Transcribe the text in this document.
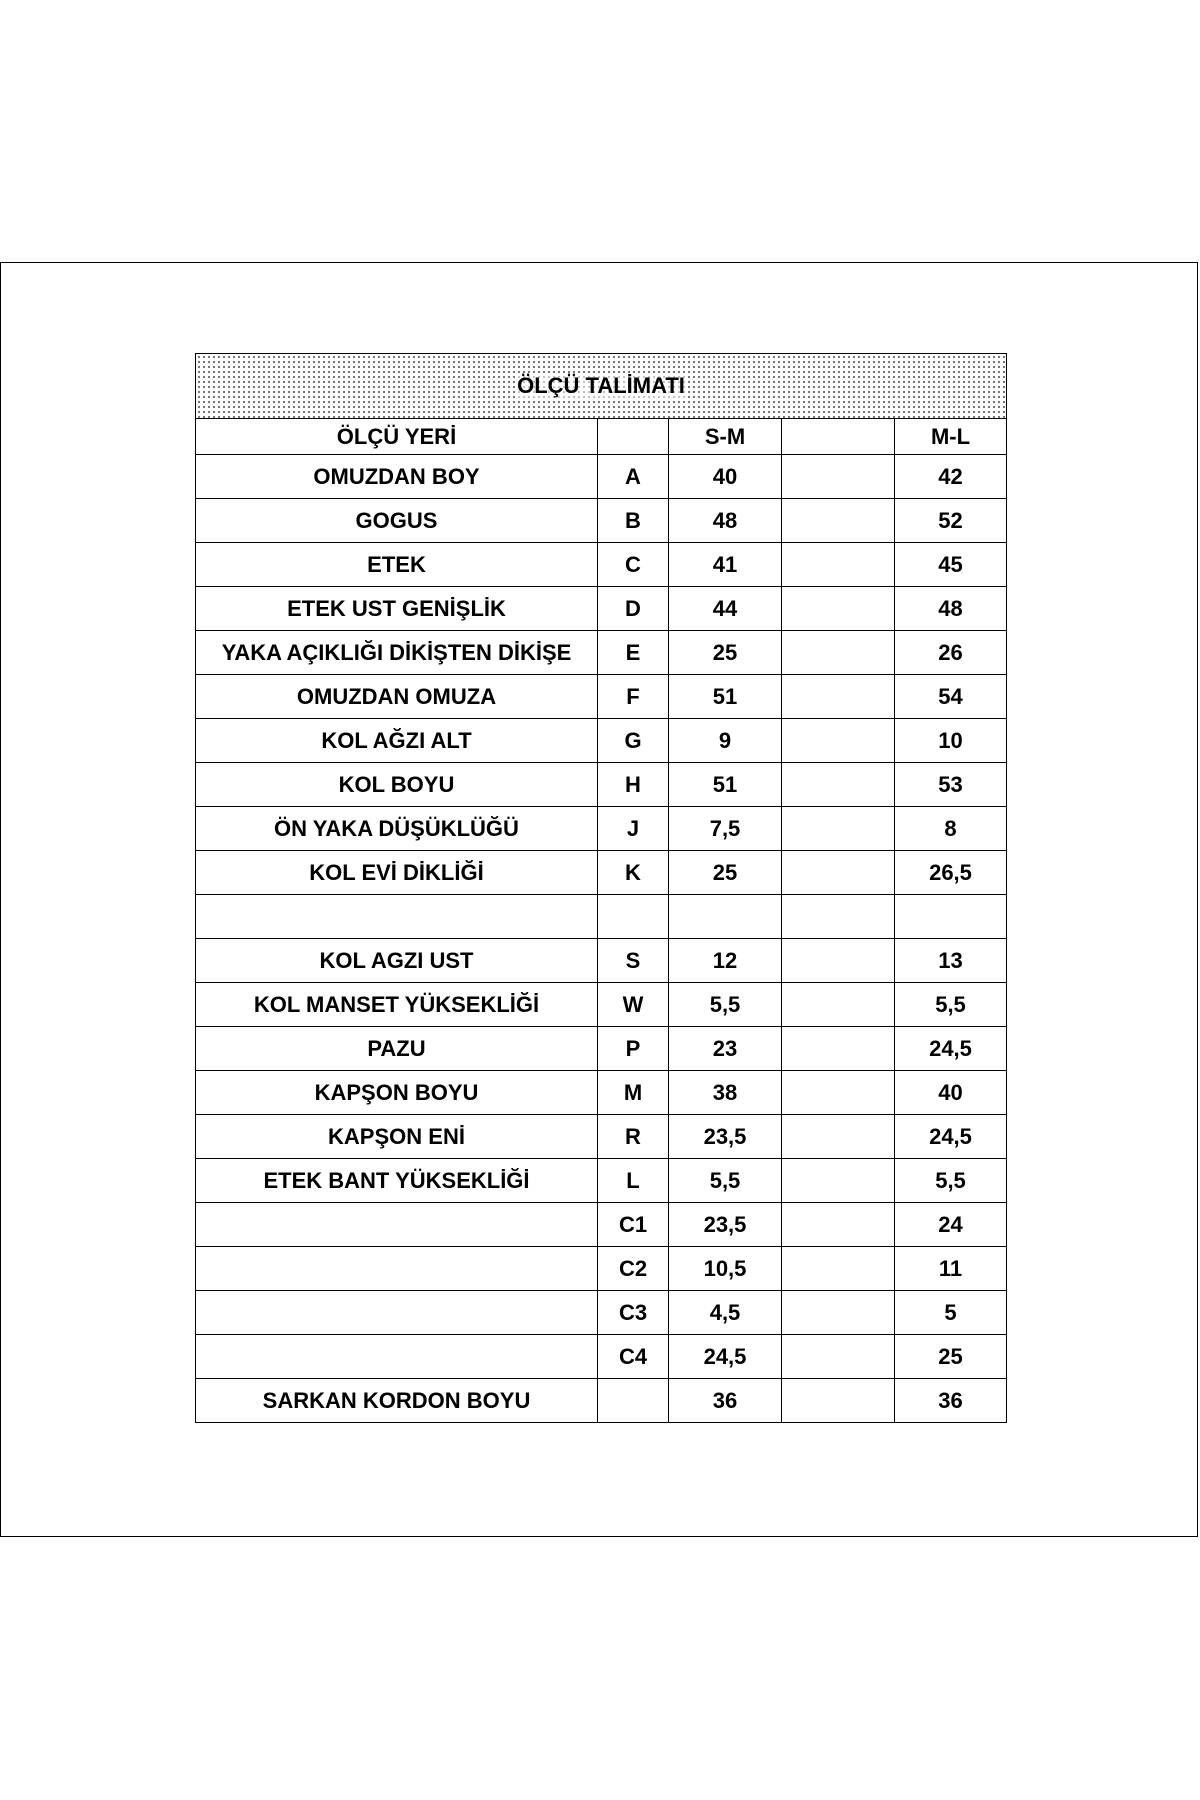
ÖLÇÜ TALİMATI				
ÖLÇÜ YERİ		S-M		M-L
OMUZDAN BOY	A	40		42
GOGUS	B	48		52
ETEK	C	41		45
ETEK UST GENİŞLİK	D	44		48
YAKA AÇIKLIĞI DİKİŞTEN DİKİŞE	E	25		26
OMUZDAN OMUZA	F	51		54
KOL AĞZI ALT	G	9		10
KOL BOYU	H	51		53
ÖN YAKA DÜŞÜKLÜĞÜ	J	7,5		8
KOL EVİ DİKLİĞİ	K	25		26,5

KOL AGZI UST	S	12		13
KOL MANSET YÜKSEKLİĞİ	W	5,5		5,5
PAZU	P	23		24,5
KAPŞON BOYU	M	38		40
KAPŞON ENİ	R	23,5		24,5
ETEK BANT YÜKSEKLİĞİ	L	5,5		5,5
	C1	23,5		24
	C2	10,5		11
	C3	4,5		5
	C4	24,5		25
SARKAN KORDON BOYU		36		36
